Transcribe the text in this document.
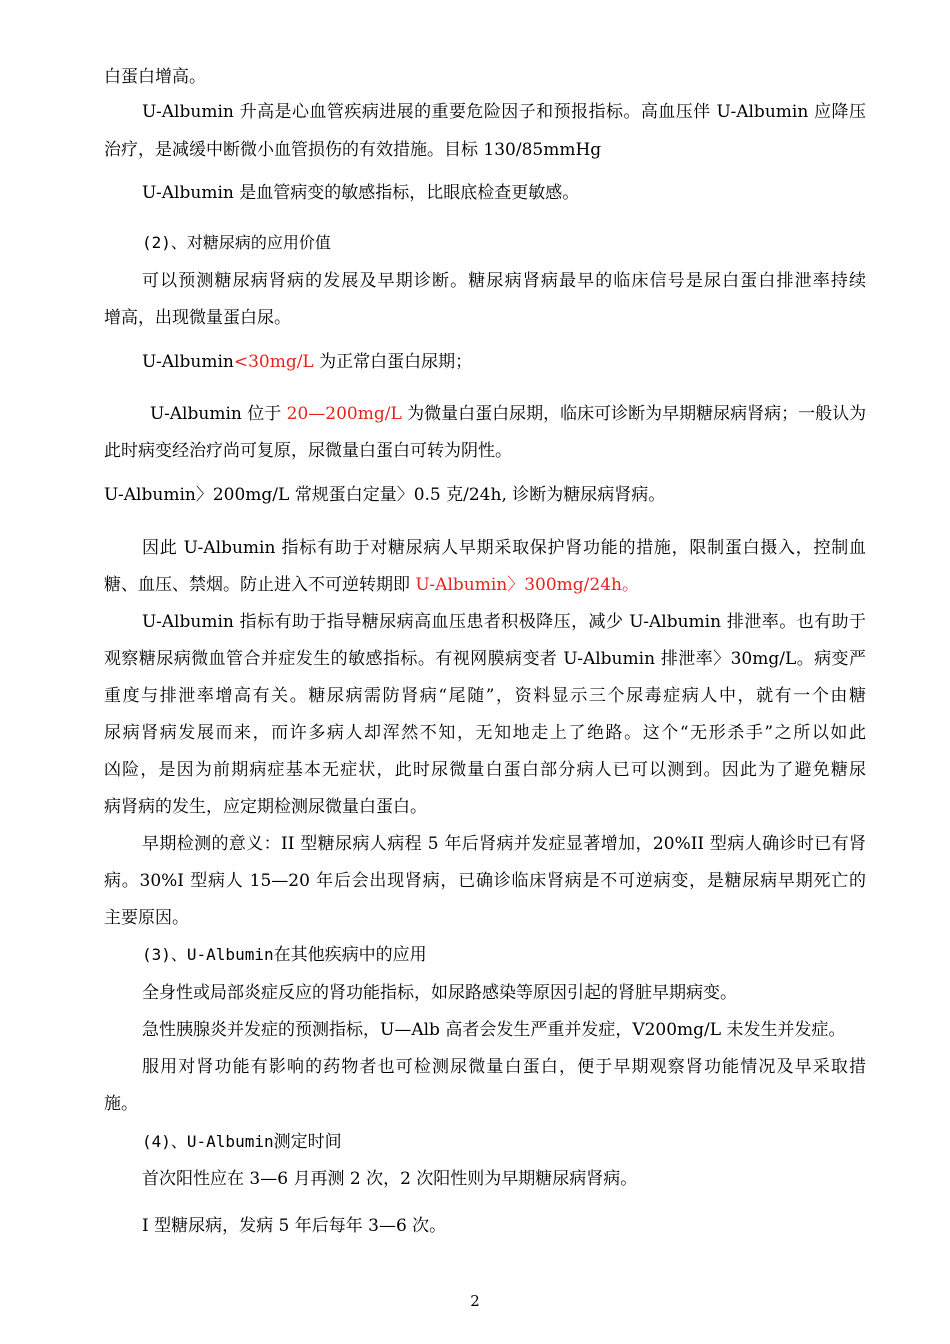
白蛋白增高。
U-Albumin 升高是心血管疾病进展的重要危险因子和预报指标。高血压伴 U-Albumin 应降压
治疗，是减缓中断微小血管损伤的有效措施。目标 130/85mmHg
U-Albumin 是血管病变的敏感指标，比眼底检查更敏感。
(2)、对糖尿病的应用价值
可以预测糖尿病肾病的发展及早期诊断。糖尿病肾病最早的临床信号是尿白蛋白排泄率持续
增高，出现微量蛋白尿。
U-Albumin<30mg/L 为正常白蛋白尿期；
U-Albumin 位于 20—200mg/L 为微量白蛋白尿期，临床可诊断为早期糖尿病肾病；一般认为
此时病变经治疗尚可复原，尿微量白蛋白可转为阴性。
U-Albumin〉200mg/L 常规蛋白定量〉0.5 克/24h, 诊断为糖尿病肾病。
因此 U-Albumin 指标有助于对糖尿病人早期采取保护肾功能的措施，限制蛋白摄入，控制血
糖、血压、禁烟。防止进入不可逆转期即 U-Albumin〉300mg/24h。
U-Albumin 指标有助于指导糖尿病高血压患者积极降压，减少 U-Albumin 排泄率。也有助于
观察糖尿病微血管合并症发生的敏感指标。有视网膜病变者 U-Albumin 排泄率〉30mg/L。病变严
重度与排泄率增高有关。糖尿病需防肾病“尾随”，资料显示三个尿毒症病人中，就有一个由糖
尿病肾病发展而来，而许多病人却浑然不知，无知地走上了绝路。这个“无形杀手”之所以如此
凶险，是因为前期病症基本无症状，此时尿微量白蛋白部分病人已可以测到。因此为了避免糖尿
病肾病的发生，应定期检测尿微量白蛋白。
早期检测的意义：II 型糖尿病人病程 5 年后肾病并发症显著增加，20%II 型病人确诊时已有肾
病。30%I 型病人 15—20 年后会出现肾病，已确诊临床肾病是不可逆病变，是糖尿病早期死亡的
主要原因。
(3)、U-Albumin在其他疾病中的应用
全身性或局部炎症反应的肾功能指标，如尿路感染等原因引起的肾脏早期病变。
急性胰腺炎并发症的预测指标，U—Alb 高者会发生严重并发症，V200mg/L 未发生并发症。
服用对肾功能有影响的药物者也可检测尿微量白蛋白，便于早期观察肾功能情况及早采取措
施。
(4)、U-Albumin测定时间
首次阳性应在 3—6 月再测 2 次，2 次阳性则为早期糖尿病肾病。
I 型糖尿病，发病 5 年后每年 3—6 次。
2
